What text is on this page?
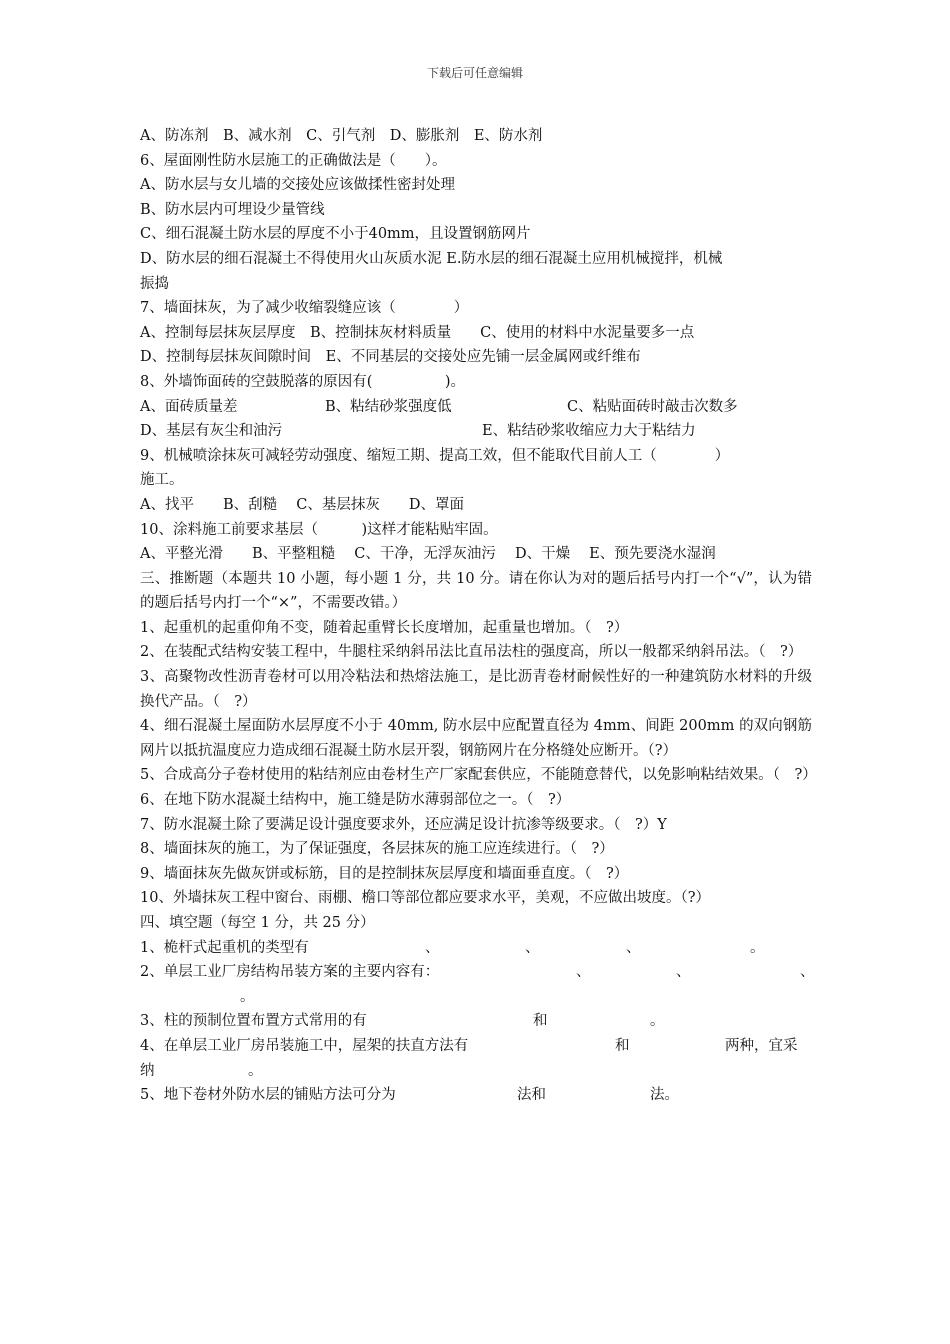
下载后可任意编辑
A、防冻剂　B、减水剂　C、引气剂　D、膨胀剂　E、防水剂
6、屋面刚性防水层施工的正确做法是（　　）。
A、防水层与女儿墙的交接处应该做揉性密封处理
B、防水层内可埋设少量管线
C、细石混凝土防水层的厚度不小于40mm，且设置钢筋网片
D、防水层的细石混凝土不得使用火山灰质水泥 E.防水层的细石混凝土应用机械搅拌，机械
振捣
7、墙面抹灰，为了减少收缩裂缝应该（　　　　）
A、控制每层抹灰层厚度　B、控制抹灰材料质量　　C、使用的材料中水泥量要多一点
D、控制每层抹灰间隙时间　E、不同基层的交接处应先铺一层金属网或纤维布
8、外墙饰面砖的空鼓脱落的原因有(　　　　　)。
A、面砖质量差	B、粘结砂浆强度低	C、粘贴面砖时敲击次数多
D、基层有灰尘和油污	E、粘结砂浆收缩应力大于粘结力
9、机械喷涂抹灰可减轻劳动强度、缩短工期、提高工效，但不能取代目前人工（　　　　）
施工。
A、找平　　B、刮糙　 C、基层抹灰　　D、罩面
10、涂料施工前要求基层（　　　)这样才能粘贴牢固。
A、平整光滑　　B、平整粗糙　 C、干净，无浮灰油污　 D、干燥　 E、预先要浇水湿润
三、推断题（本题共 10 小题，每小题 1 分，共 10 分。请在你认为对的题后括号内打一个“√”，认为错的题后括号内打一个“×”，不需要改错。）
1、起重机的起重仰角不变，随着起重臂长长度增加，起重量也增加。（　?）
2、在装配式结构安装工程中，牛腿柱采纳斜吊法比直吊法柱的强度高，所以一般都采纳斜吊法。（　?）
3、高聚物改性沥青卷材可以用冷粘法和热熔法施工，是比沥青卷材耐候性好的一种建筑防水材料的升级换代产品。（　?）
4、细石混凝土屋面防水层厚度不小于 40mm, 防水层中应配置直径为 4mm、间距 200mm 的双向钢筋网片以抵抗温度应力造成细石混凝土防水层开裂，钢筋网片在分格缝处应断开。（?）
5、合成高分子卷材使用的粘结剂应由卷材生产厂家配套供应，不能随意替代，以免影响粘结效果。（　?）
6、在地下防水混凝土结构中，施工缝是防水薄弱部位之一。（　?）
7、防水混凝土除了要满足设计强度要求外，还应满足设计抗渗等级要求。（　?）Y
8、墙面抹灰的施工，为了保证强度，各层抹灰的施工应连续进行。（　?）
9、墙面抹灰先做灰饼或标筋，目的是控制抹灰层厚度和墙面垂直度。（　?）
10、外墙抹灰工程中窗台、雨棚、檐口等部位都应要求水平，美观，不应做出坡度。（?）
四、填空题（每空 1 分，共 25 分）
1、桅杆式起重机的类型有	、	、	、	。
2、单层工业厂房结构吊装方案的主要内容有：	、	、	、
。
3、柱的预制位置布置方式常用的有	和	。
4、在单层工业厂房吊装施工中，屋架的扶直方法有	和	两种，宜采
纳	。
5、地下卷材外防水层的铺贴方法可分为	法和	法。
